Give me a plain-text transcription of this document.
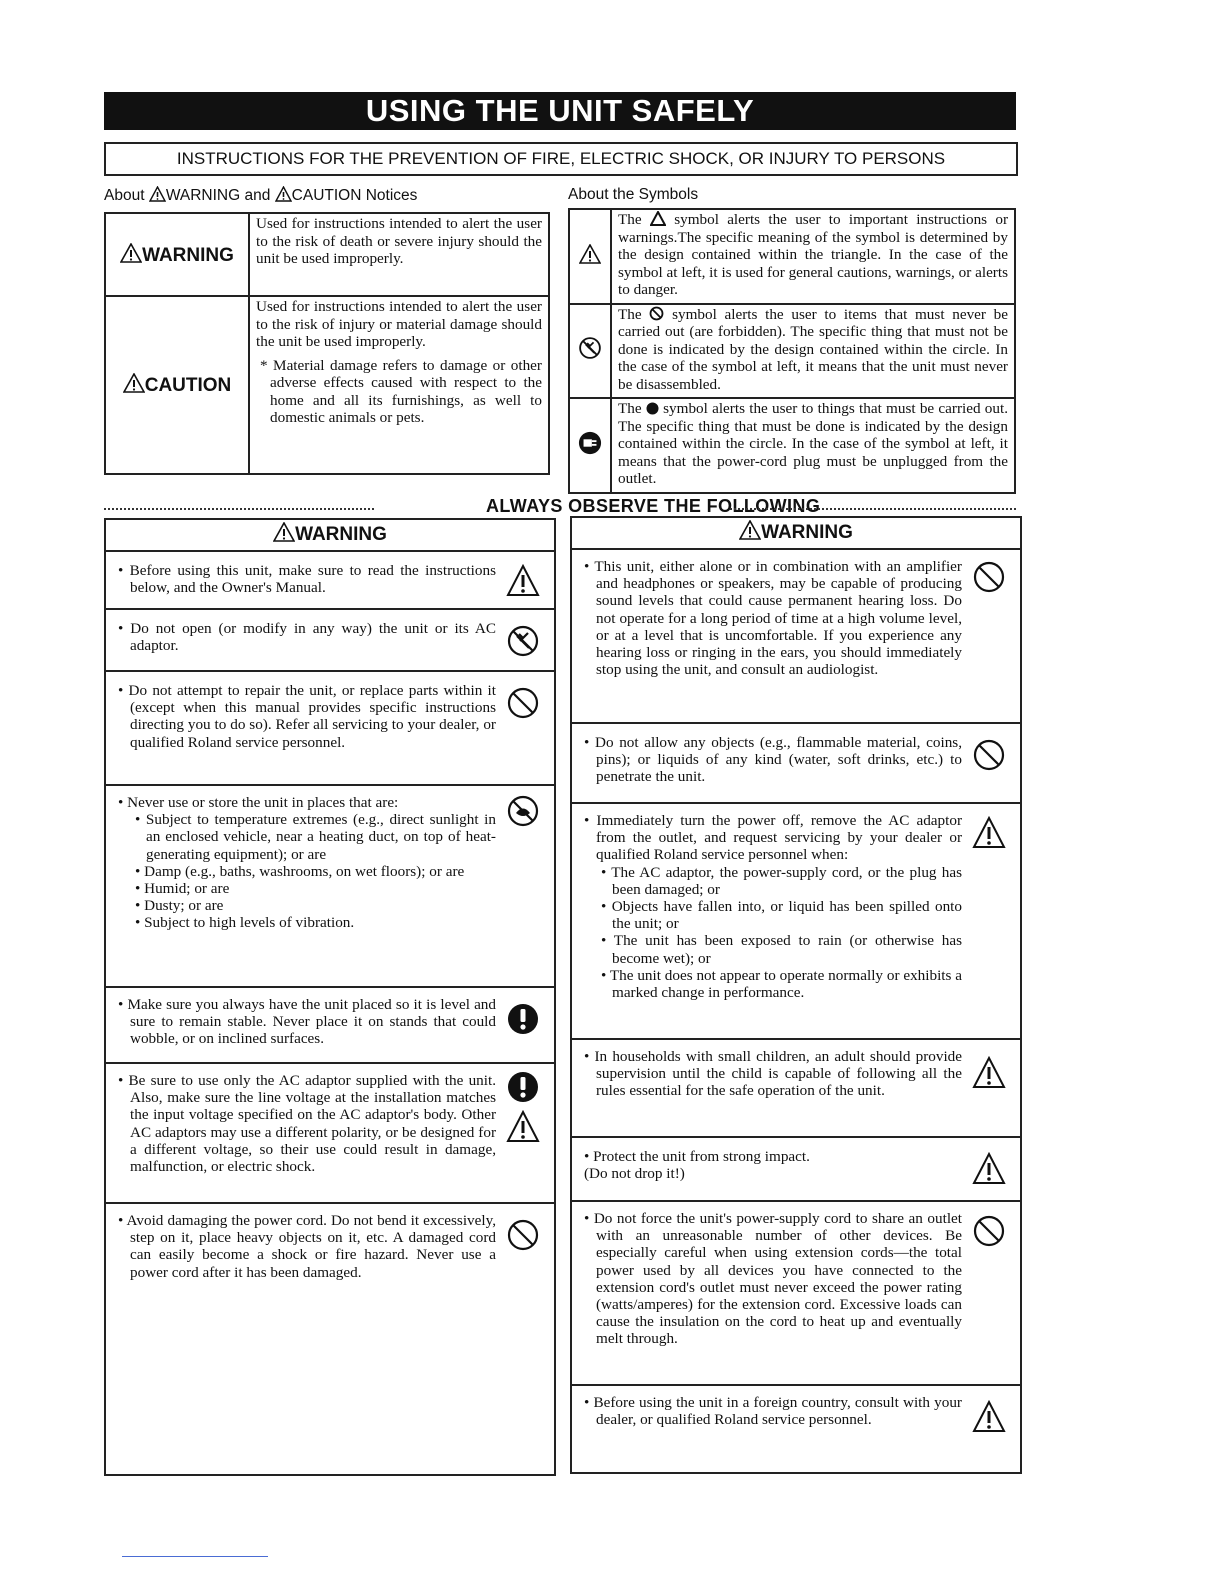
USING THE UNIT SAFELY
INSTRUCTIONS FOR THE PREVENTION OF FIRE, ELECTRIC SHOCK, OR INJURY TO PERSONS
About WARNING and CAUTION Notices
WARNING	Used for instructions intended to alert the user to the risk of death or severe injury should the unit be used improperly.
CAUTION	Used for instructions intended to alert the user to the risk of injury or material damage should the unit be used improperly.
* Material damage refers to damage or other adverse effects caused with respect to the home and all its furnishings, as well to domestic animals or pets.
About the Symbols
	The symbol alerts the user to important instructions or warnings.The specific meaning of the symbol is determined by the design contained within the triangle. In the case of the symbol at left, it is used for general cautions, warnings, or alerts to danger.
	The symbol alerts the user to items that must never be carried out (are forbidden). The specific thing that must not be done is indicated by the design contained within the circle. In the case of the symbol at left, it means that the unit must never be disassembled.
	The symbol alerts the user to things that must be carried out. The specific thing that must be done is indicated by the design contained within the circle. In the case of the symbol at left, it means that the power-cord plug must be unplugged from the outlet.
ALWAYS OBSERVE THE FOLLOWING
WARNING
• Before using this unit, make sure to read the instructions below, and the Owner's Manual.
• Do not open (or modify in any way) the unit or its AC adaptor.
• Do not attempt to repair the unit, or replace parts within it (except when this manual provides specific instructions directing you to do so). Refer all servicing to your dealer, or qualified Roland service personnel.
• Never use or store the unit in places that are:
• Subject to temperature extremes (e.g., direct sunlight in an enclosed vehicle, near a heating duct, on top of heat-generating equipment); or are
• Damp (e.g., baths, washrooms, on wet floors); or are
• Humid; or are
• Dusty; or are
• Subject to high levels of vibration.
• Make sure you always have the unit placed so it is level and sure to remain stable. Never place it on stands that could wobble, or on inclined surfaces.
• Be sure to use only the AC adaptor supplied with the unit. Also, make sure the line voltage at the installation matches the input voltage specified on the AC adaptor's body. Other AC adaptors may use a different polarity, or be designed for a different voltage, so their use could result in damage, malfunction, or electric shock.
• Avoid damaging the power cord. Do not bend it excessively, step on it, place heavy objects on it, etc. A damaged cord can easily become a shock or fire hazard. Never use a power cord after it has been damaged.
WARNING
• This unit, either alone or in combination with an amplifier and headphones or speakers, may be capable of producing sound levels that could cause permanent hearing loss. Do not operate for a long period of time at a high volume level, or at a level that is uncomfortable. If you experience any hearing loss or ringing in the ears, you should immediately stop using the unit, and consult an audiologist.
• Do not allow any objects (e.g., flammable material, coins, pins); or liquids of any kind (water, soft drinks, etc.) to penetrate the unit.
• Immediately turn the power off, remove the AC adaptor from the outlet, and request servicing by your dealer or qualified Roland service personnel when:
• The AC adaptor, the power-supply cord, or the plug has been damaged; or
• Objects have fallen into, or liquid has been spilled onto the unit; or
• The unit has been exposed to rain (or otherwise has become wet); or
• The unit does not appear to operate normally or exhibits a marked change in performance.
• In households with small children, an adult should provide supervision until the child is capable of following all the rules essential for the safe operation of the unit.
• Protect the unit from strong impact.
(Do not drop it!)
• Do not force the unit's power-supply cord to share an outlet with an unreasonable number of other devices. Be especially careful when using extension cords—the total power used by all devices you have connected to the extension cord's outlet must never exceed the power rating (watts/amperes) for the extension cord. Excessive loads can cause the insulation on the cord to heat up and eventually melt through.
• Before using the unit in a foreign country, consult with your dealer, or qualified Roland service personnel.
